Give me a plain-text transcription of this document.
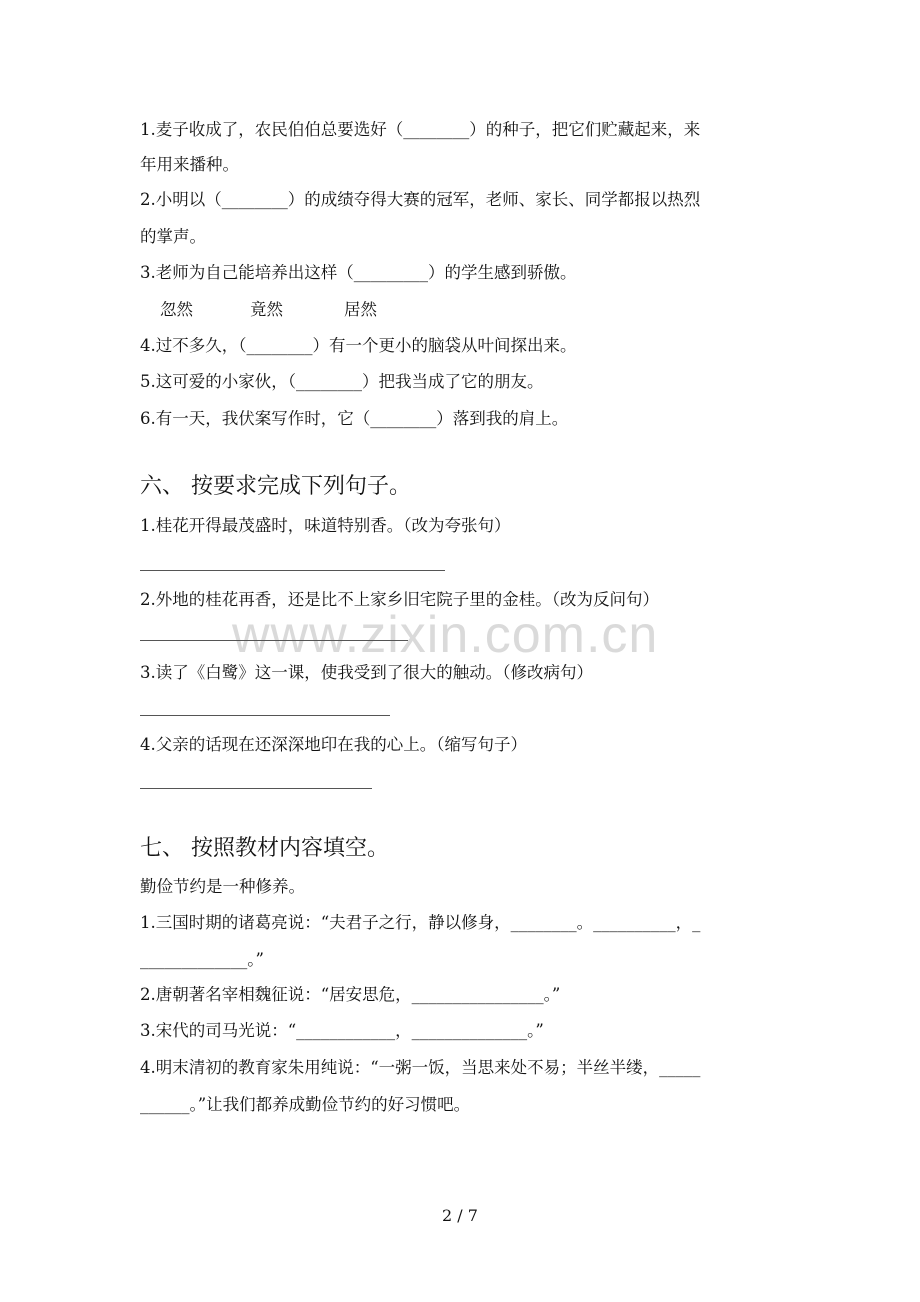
www.zixin.com.cn
1.麦子收成了，农民伯伯总要选好（________）的种子，把它们贮藏起来，来
年用来播种。
2.小明以（________）的成绩夺得大赛的冠军，老师、家长、同学都报以热烈
的掌声。
3.老师为自己能培养出这样（_________）的学生感到骄傲。
忽然	竟然	居然
4.过不多久，（________）有一个更小的脑袋从叶间探出来。
5.这可爱的小家伙，（________）把我当成了它的朋友。
6.有一天，我伏案写作时，它（________）落到我的肩上。
六、 按要求完成下列句子。
1.桂花开得最茂盛时，味道特别香。（改为夸张句）
2.外地的桂花再香，还是比不上家乡旧宅院子里的金桂。（改为反问句）
3.读了《白鹭》这一课，使我受到了很大的触动。（修改病句）
4.父亲的话现在还深深地印在我的心上。（缩写句子）
七、 按照教材内容填空。
勤俭节约是一种修养。
1.三国时期的诸葛亮说：“夫君子之行，静以修身，________。__________，_
_____________。”
2.唐朝著名宰相魏征说：“居安思危，________________。”
3.宋代的司马光说：“____________，______________。”
4.明末清初的教育家朱用纯说：“一粥一饭，当思来处不易；半丝半缕，_____
______。”让我们都养成勤俭节约的好习惯吧。
2 / 7
